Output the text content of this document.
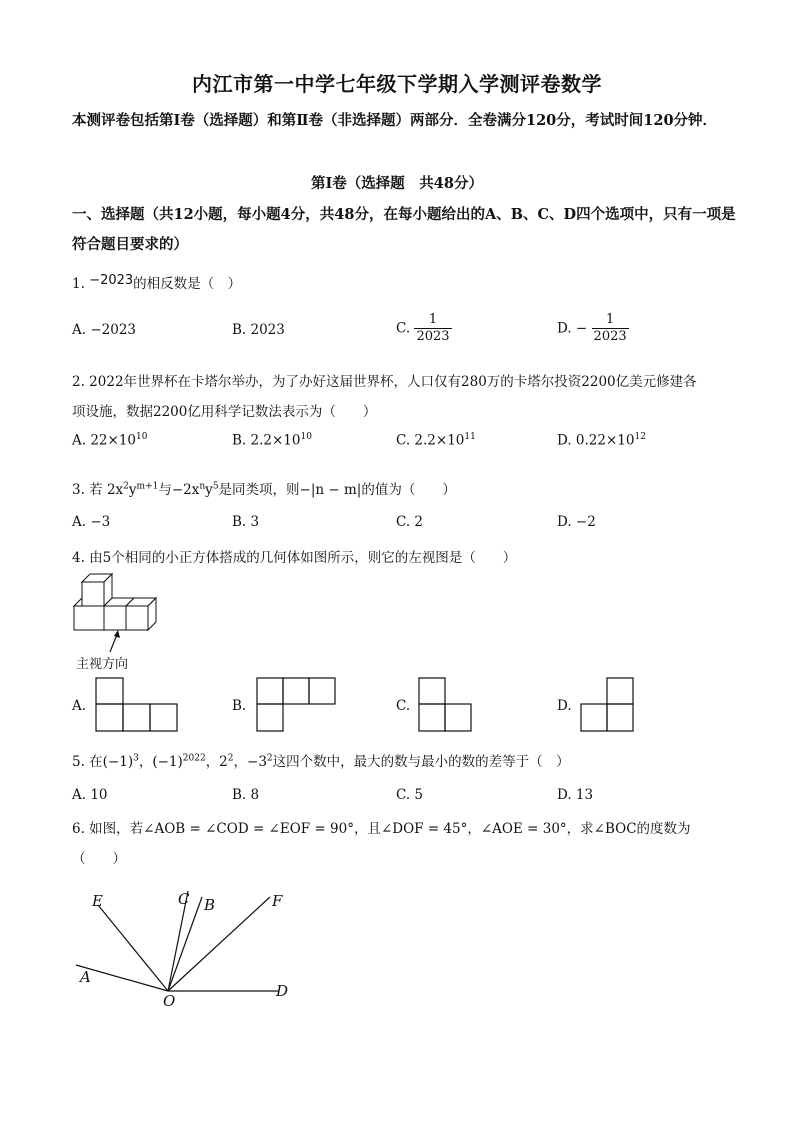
内江市第一中学七年级下学期入学测评卷数学
本测评卷包括第Ⅰ卷（选择题）和第Ⅱ卷（非选择题）两部分．全卷满分120分，考试时间120分钟．
第Ⅰ卷（选择题　共48分）
一、选择题（共12小题，每小题4分，共48分，在每小题给出的A、B、C、D四个选项中，只有一项是符合题目要求的）
1. −2023的相反数是（　）
A. −2023	B. 2023	C. $\frac{1}{2023}$	D. − $\frac{1}{2023}$
2. 2022年世界杯在卡塔尔举办，为了办好这届世界杯，人口仅有280万的卡塔尔投资2200亿美元修建各
项设施，数据2200亿用科学记数法表示为（　　）
A. $22\times 10^{10}$	B. $2.2\times 10^{10}$	C. $2.2\times 10^{11}$	D. $0.22\times 10^{12}$
3. 若 $2x^2y^{m+1}$与$-2x^ny^5$是同类项，则−|n − m|的值为（　　）
A. −3	B. 3	C. 2	D. −2
4. 由5个相同的小正方体搭成的几何体如图所示，则它的左视图是（　　）
主视方向
A.	B.	C.	D.
5. 在$(-1)^3$，$(-1)^{2022}$，$2^2$，$-3^2$这四个数中，最大的数与最小的数的差等于（　）
A. 10	B. 8	C. 5	D. 13
6. 如图，若∠AOB = ∠COD = ∠EOF = 90°，且∠DOF = 45°，∠AOE = 30°，求∠BOC的度数为
（　　）
E	C B	F
A
O
D
